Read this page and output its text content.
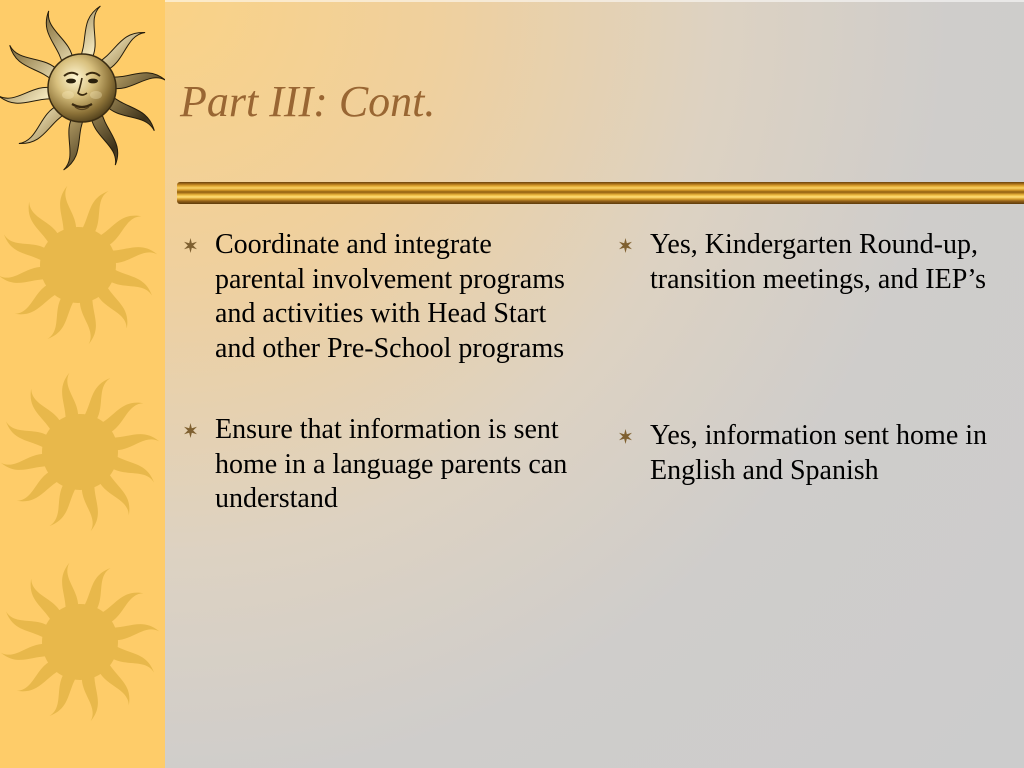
Part III: Cont.

Coordinate and integrate parental involvement programs and activities with Head Start and other Pre-School programs

Ensure that information is sent home in a language parents can understand

Yes, Kindergarten Round-up, transition meetings, and IEP’s

Yes, information sent home in English and Spanish
